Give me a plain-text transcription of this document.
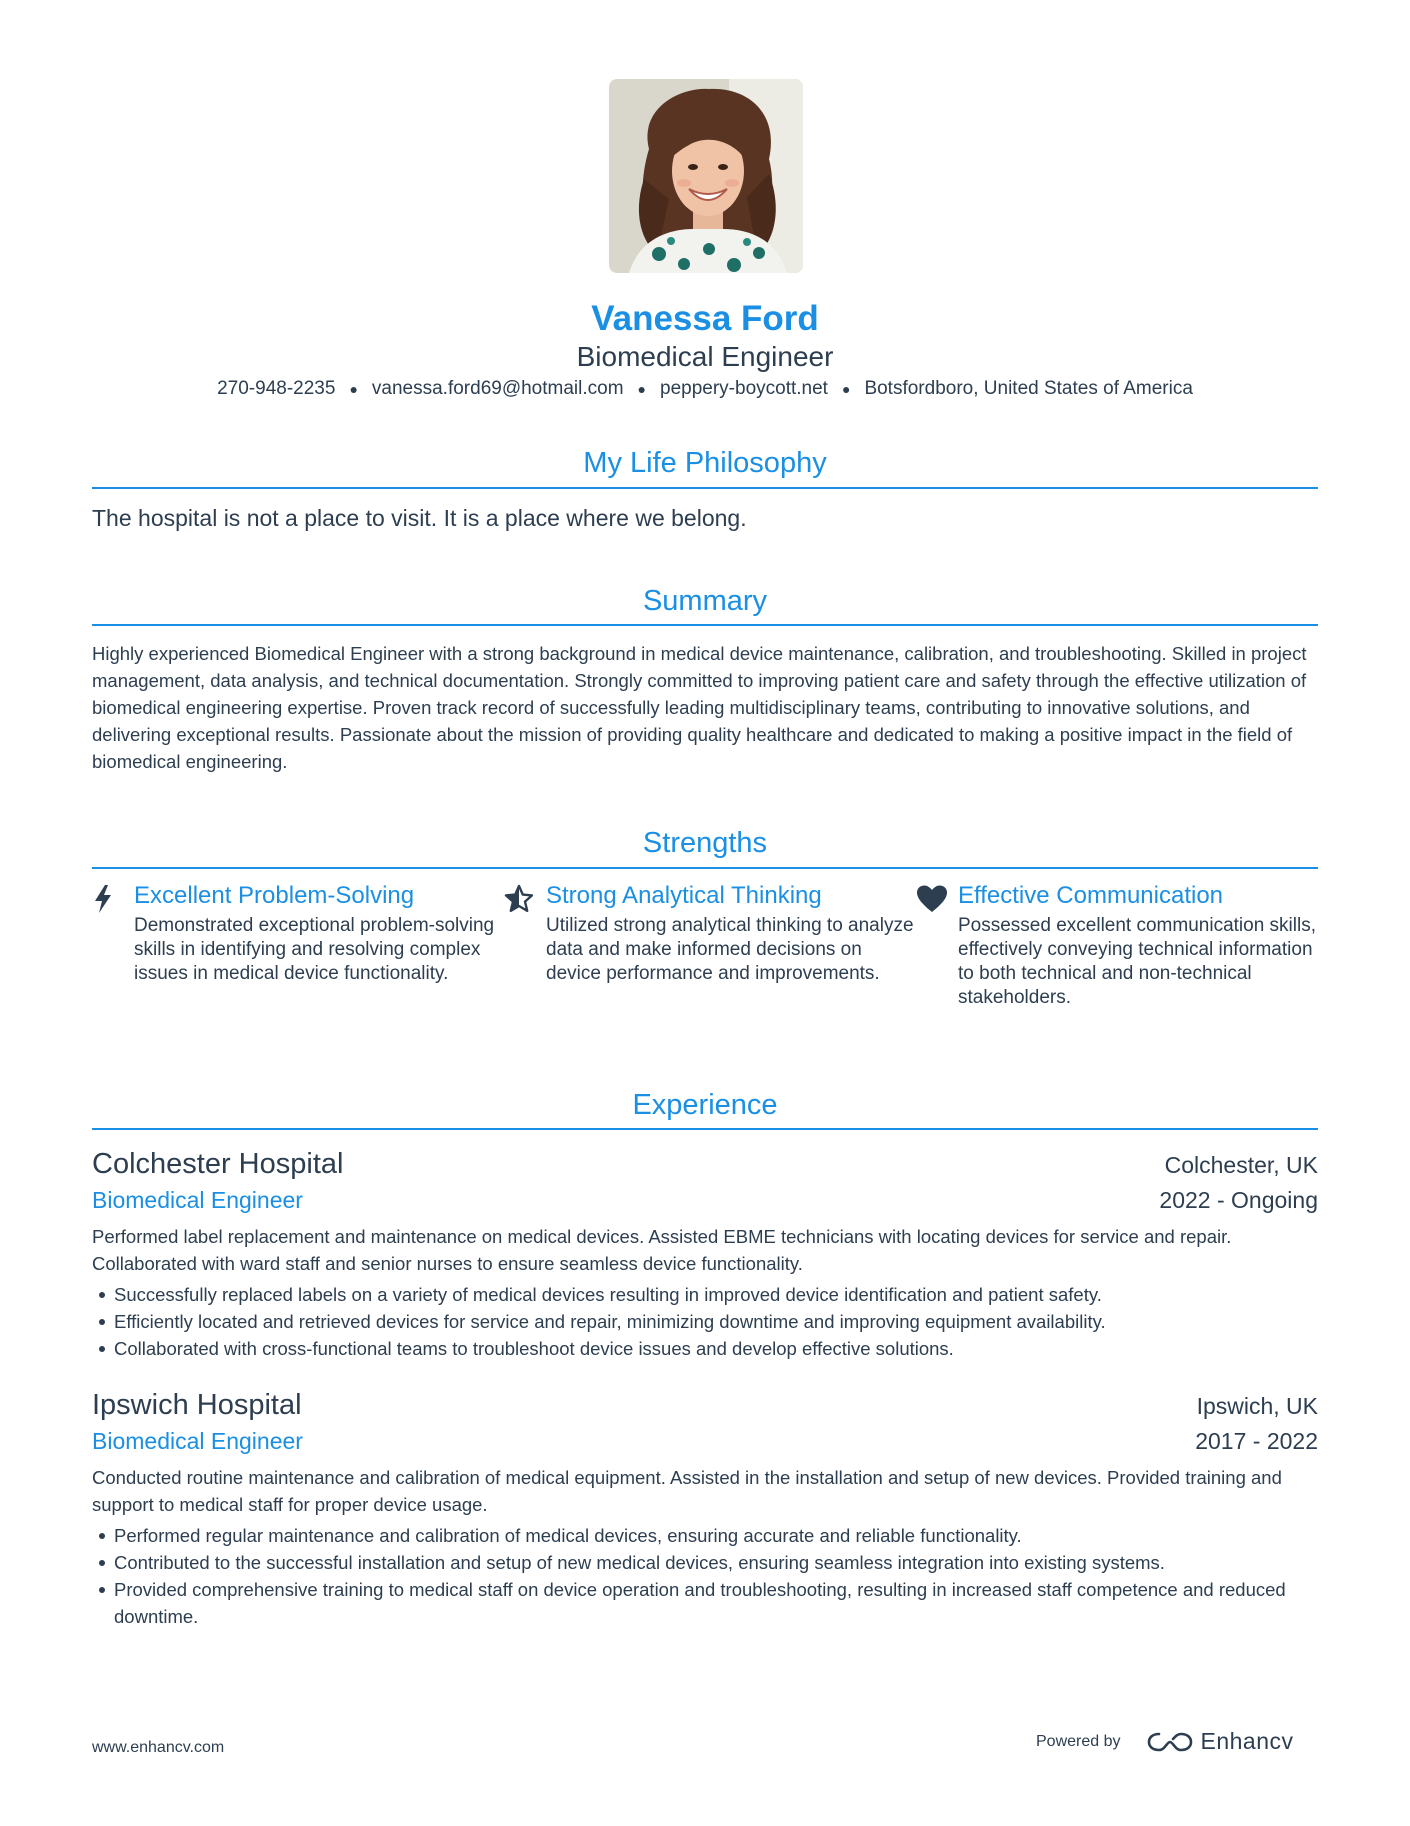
Vanessa Ford
Biomedical Engineer
270-948-2235 ● vanessa.ford69@hotmail.com ● peppery-boycott.net ● Botsfordboro, United States of America
My Life Philosophy
The hospital is not a place to visit. It is a place where we belong.
Summary

Highly experienced Biomedical Engineer with a strong background in medical device maintenance, calibration, and troubleshooting. Skilled in project management, data analysis, and technical documentation. Strongly committed to improving patient care and safety through the effective utilization of biomedical engineering expertise. Proven track record of successfully leading multidisciplinary teams, contributing to innovative solutions, and delivering exceptional results. Passionate about the mission of providing quality healthcare and dedicated to making a positive impact in the field of biomedical engineering.

Strengths
Excellent Problem-Solving
Demonstrated exceptional problem-solving skills in identifying and resolving complex issues in medical device functionality.
Strong Analytical Thinking
Utilized strong analytical thinking to analyze data and make informed decisions on device performance and improvements.
Effective Communication
Possessed excellent communication skills, effectively conveying technical information to both technical and non-technical stakeholders.
Experience
Colchester Hospital	Colchester, UK
Biomedical Engineer	2022 - Ongoing

Performed label replacement and maintenance on medical devices. Assisted EBME technicians with locating devices for service and repair. Collaborated with ward staff and senior nurses to ensure seamless device functionality.

Successfully replaced labels on a variety of medical devices resulting in improved device identification and patient safety.
Efficiently located and retrieved devices for service and repair, minimizing downtime and improving equipment availability.
Collaborated with cross-functional teams to troubleshoot device issues and develop effective solutions.
Ipswich Hospital	Ipswich, UK
Biomedical Engineer	2017 - 2022

Conducted routine maintenance and calibration of medical equipment. Assisted in the installation and setup of new devices. Provided training and support to medical staff for proper device usage.

Performed regular maintenance and calibration of medical devices, ensuring accurate and reliable functionality.
Contributed to the successful installation and setup of new medical devices, ensuring seamless integration into existing systems.
Provided comprehensive training to medical staff on device operation and troubleshooting, resulting in increased staff competence and reduced downtime.
www.enhancv.com	Powered by	Enhancv
